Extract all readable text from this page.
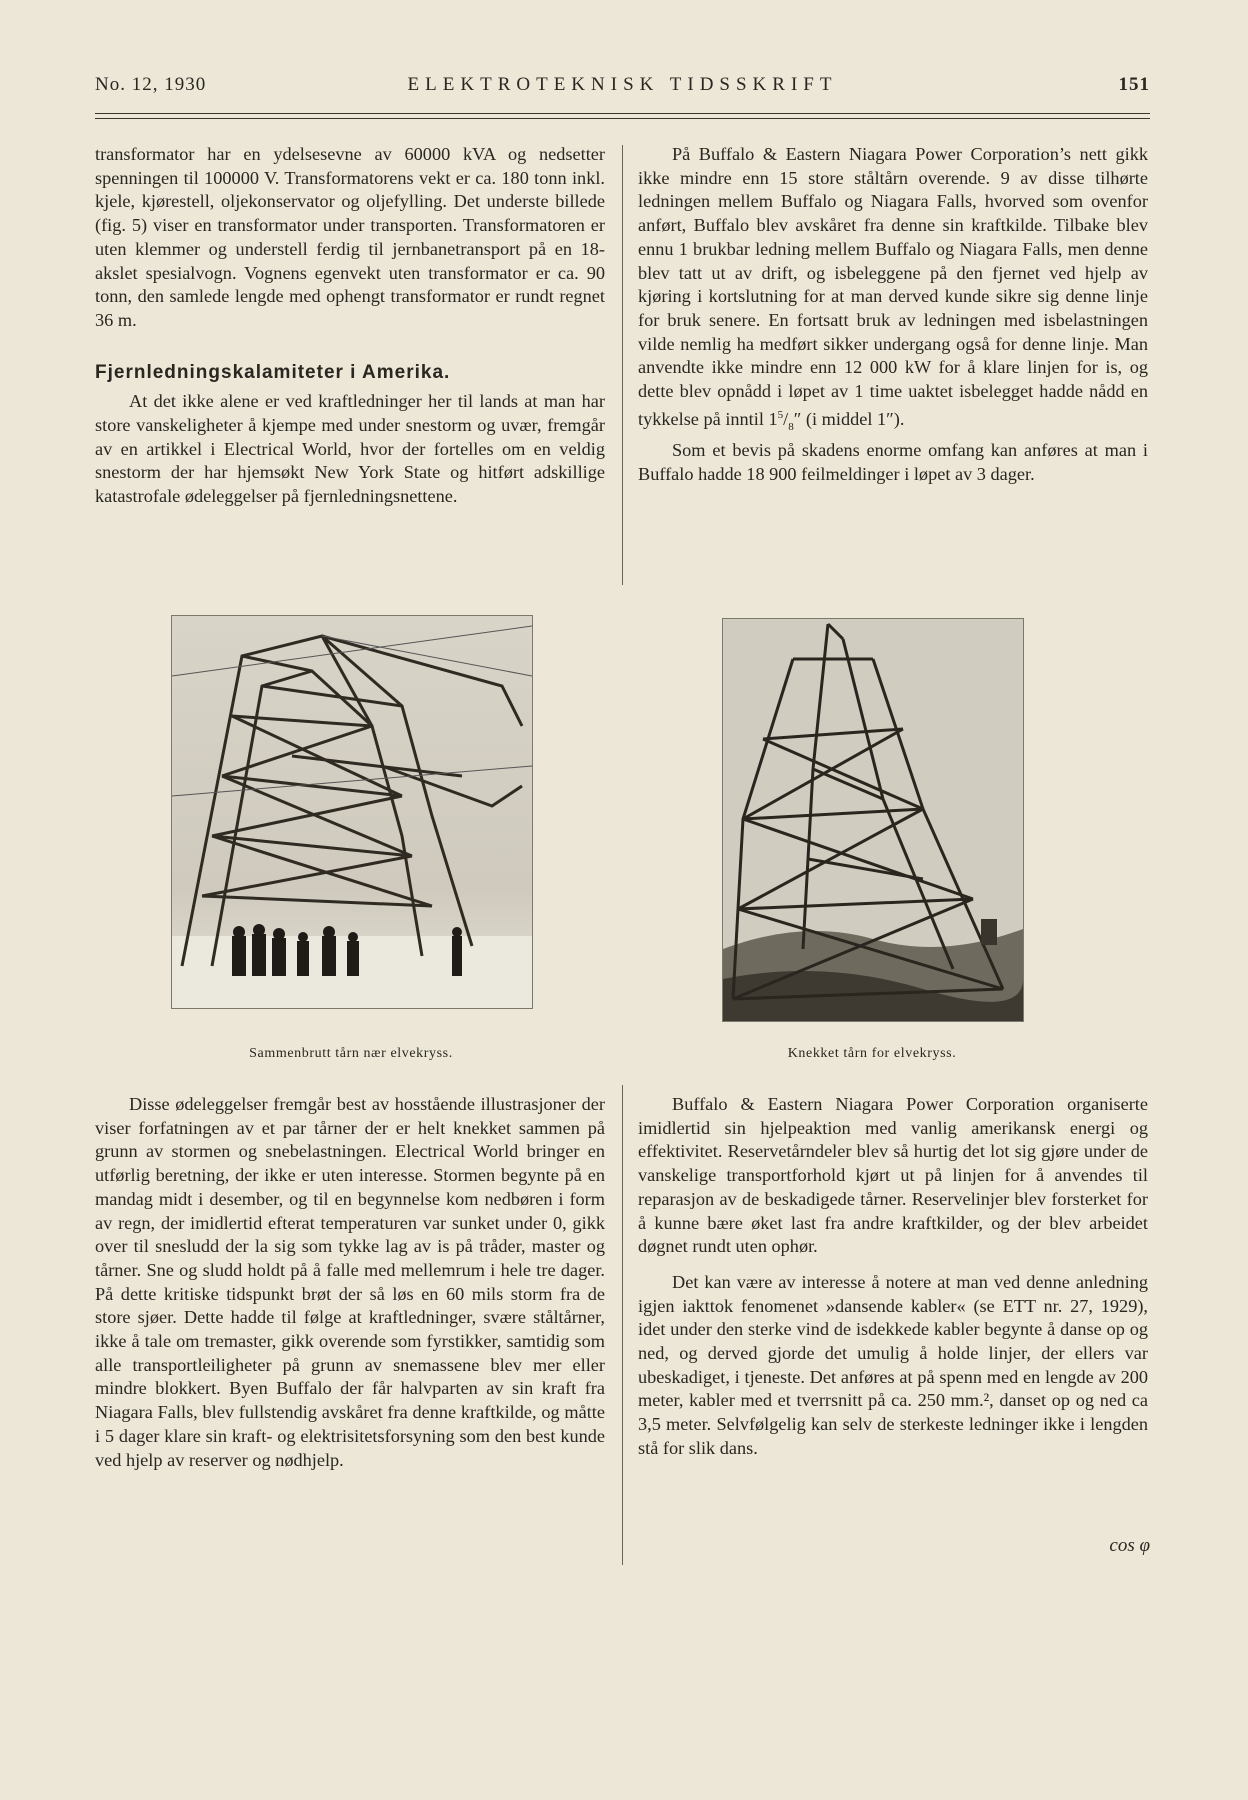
No. 12, 1930	ELEKTROTEKNISK TIDSSKRIFT	151

transformator har en ydelsesevne av 60000 kVA og nedsetter spenningen til 100000 V. Transformatorens vekt er ca. 180 tonn inkl. kjele, kjørestell, oljekonservator og oljefylling. Det underste billede (fig. 5) viser en transformator under transporten. Transformatoren er uten klemmer og understell ferdig til jernbanetransport på en 18-akslet spesialvogn. Vognens egenvekt uten transformator er ca. 90 tonn, den samlede lengde med ophengt transformator er rundt regnet 36 m.

Fjernledningskalamiteter i Amerika.

At det ikke alene er ved kraftledninger her til lands at man har store vanskeligheter å kjempe med under snestorm og uvær, fremgår av en artikkel i Electrical World, hvor der fortelles om en veldig snestorm der har hjemsøkt New York State og hitført adskillige katastrofale ødeleggelser på fjernledningsnettene.

På Buffalo & Eastern Niagara Power Corporation’s nett gikk ikke mindre enn 15 store ståltårn overende. 9 av disse tilhørte ledningen mellem Buffalo og Niagara Falls, hvorved som ovenfor anført, Buffalo blev avskåret fra denne sin kraftkilde. Tilbake blev ennu 1 brukbar ledning mellem Buffalo og Niagara Falls, men denne blev tatt ut av drift, og isbeleggene på den fjernet ved hjelp av kjøring i kortslutning for at man derved kunde sikre sig denne linje for bruk senere. En fortsatt bruk av ledningen med isbelastningen vilde nemlig ha medført sikker undergang også for denne linje. Man anvendte ikke mindre enn 12 000 kW for å klare linjen for is, og dette blev opnådd i løpet av 1 time uaktet isbelegget hadde nådd en tykkelse på inntil $1^5/_8''$ (i middel 1″).

Som et bevis på skadens enorme omfang kan anføres at man i Buffalo hadde 18 900 feilmeldinger i løpet av 3 dager.

Sammenbrutt tårn nær elvekryss.	Knekket tårn for elvekryss.

Disse ødeleggelser fremgår best av hosstående illustrasjoner der viser forfatningen av et par tårner der er helt knekket sammen på grunn av stormen og snebelastningen. Electrical World bringer en utførlig beretning, der ikke er uten interesse. Stormen begynte på en mandag midt i desember, og til en begynnelse kom nedbøren i form av regn, der imidlertid efterat temperaturen var sunket under 0, gikk over til snesludd der la sig som tykke lag av is på tråder, master og tårner. Sne og sludd holdt på å falle med mellemrum i hele tre dager. På dette kritiske tidspunkt brøt der så løs en 60 mils storm fra de store sjøer. Dette hadde til følge at kraftledninger, svære ståltårner, ikke å tale om tremaster, gikk overende som fyrstikker, samtidig som alle transportleiligheter på grunn av snemassene blev mer eller mindre blokkert. Byen Buffalo der får halvparten av sin kraft fra Niagara Falls, blev fullstendig avskåret fra denne kraftkilde, og måtte i 5 dager klare sin kraft- og elektrisitetsforsyning som den best kunde ved hjelp av reserver og nødhjelp.

Buffalo & Eastern Niagara Power Corporation organiserte imidlertid sin hjelpeaktion med vanlig amerikansk energi og effektivitet. Reservetårndeler blev så hurtig det lot sig gjøre under de vanskelige transportforhold kjørt ut på linjen for å anvendes til reparasjon av de beskadigede tårner. Reservelinjer blev forsterket for å kunne bære øket last fra andre kraftkilder, og der blev arbeidet døgnet rundt uten ophør.

Det kan være av interesse å notere at man ved denne anledning igjen iakttok fenomenet »dansende kabler« (se ETT nr. 27, 1929), idet under den sterke vind de isdekkede kabler begynte å danse op og ned, og derved gjorde det umulig å holde linjer, der ellers var ubeskadiget, i tjeneste. Det anføres at på spenn med en lengde av 200 meter, kabler med et tverrsnitt på ca. 250 mm.², danset op og ned ca 3,5 meter. Selvfølgelig kan selv de sterkeste ledninger ikke i lengden stå for slik dans.

cos φ
